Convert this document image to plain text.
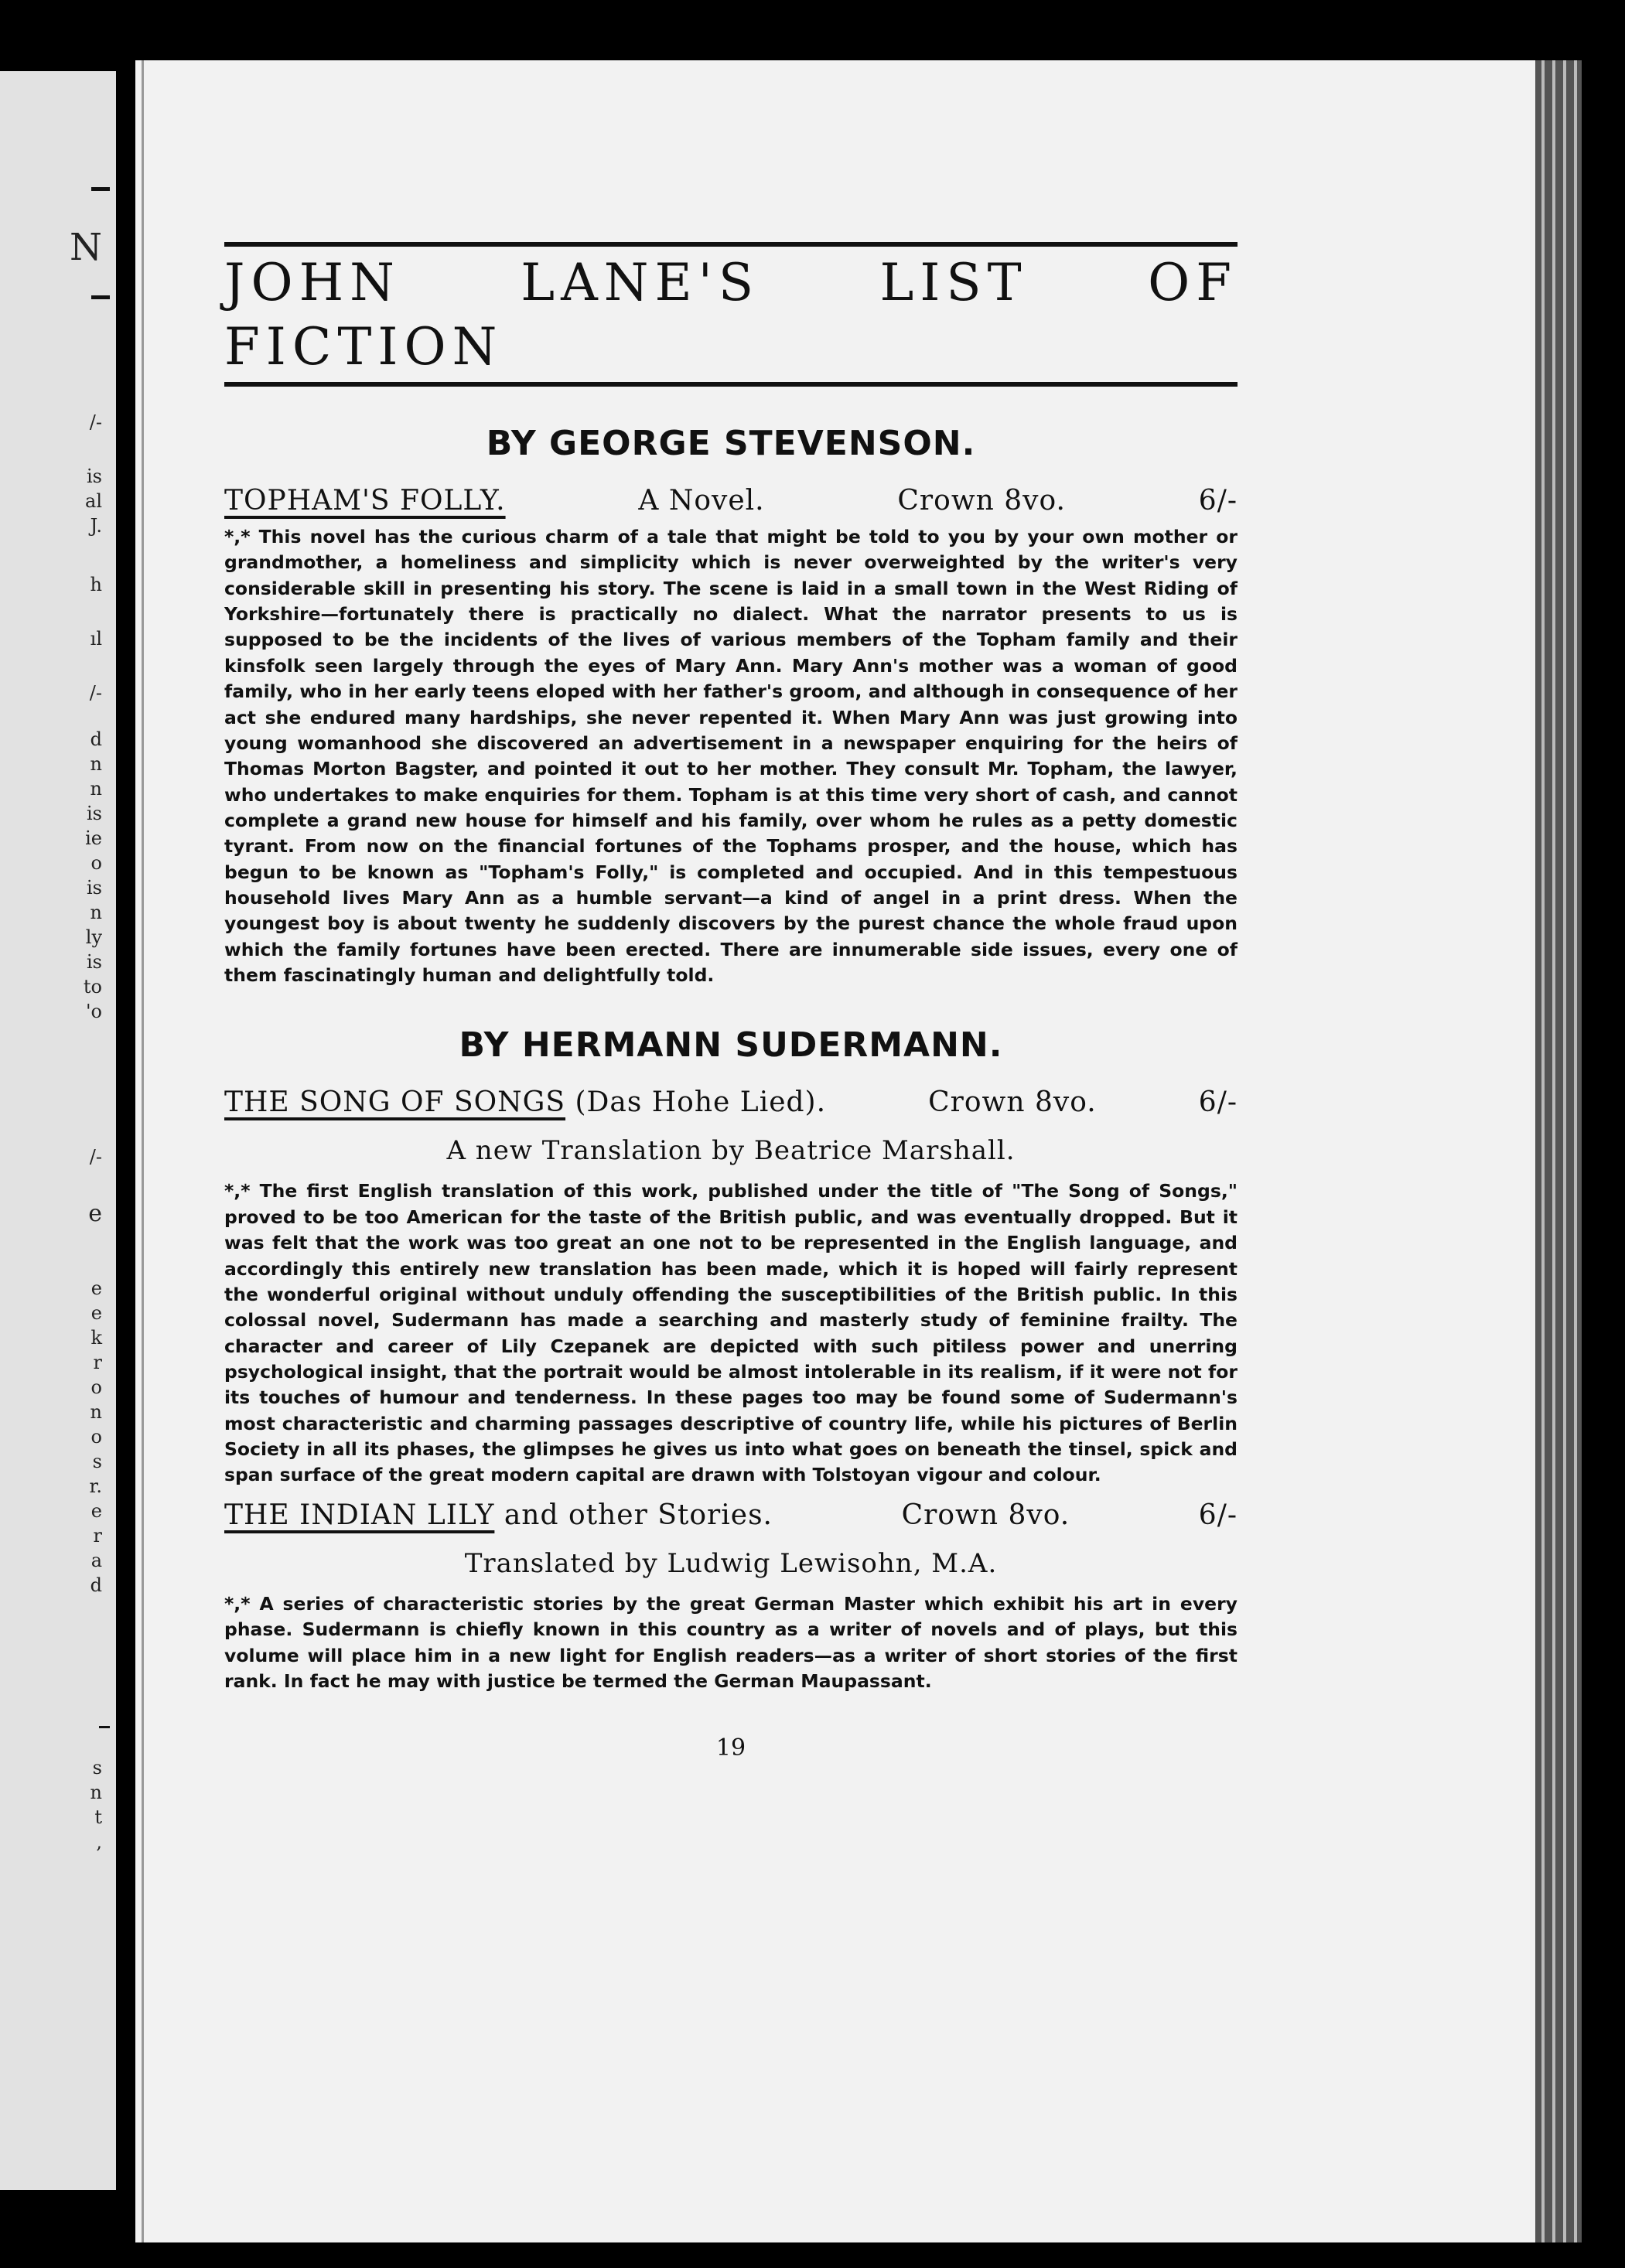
N
/-
is
al
J.
h
ıl
/-
d
n
n
is
ie
o
is
n
ly
is
to
'o
/-
e
e
e
k
r
o
n
o
s
r.
e
r
a
d
s
n
t
,
JOHN LANE'S LIST OF FICTION
BY GEORGE STEVENSON.
TOPHAM'S FOLLY.	A Novel.	Crown 8vo.	6/-

*,* This novel has the curious charm of a tale that might be told to you by your own mother or grandmother, a homeliness and simplicity which is never overweighted by the writer's very considerable skill in presenting his story. The scene is laid in a small town in the West Riding of Yorkshire—fortunately there is practically no dialect. What the narrator presents to us is supposed to be the incidents of the lives of various members of the Topham family and their kinsfolk seen largely through the eyes of Mary Ann. Mary Ann's mother was a woman of good family, who in her early teens eloped with her father's groom, and although in consequence of her act she endured many hardships, she never repented it. When Mary Ann was just growing into young womanhood she discovered an advertisement in a newspaper enquiring for the heirs of Thomas Morton Bagster, and pointed it out to her mother. They consult Mr. Topham, the lawyer, who undertakes to make enquiries for them. Topham is at this time very short of cash, and cannot complete a grand new house for himself and his family, over whom he rules as a petty domestic tyrant. From now on the financial fortunes of the Tophams prosper, and the house, which has begun to be known as "Topham's Folly," is completed and occupied. And in this tempestuous household lives Mary Ann as a humble servant—a kind of angel in a print dress. When the youngest boy is about twenty he suddenly discovers by the purest chance the whole fraud upon which the family fortunes have been erected. There are innumerable side issues, every one of them fascinatingly human and delightfully told.

BY HERMANN SUDERMANN.
THE SONG OF SONGS (Das Hohe Lied).	Crown 8vo.	6/-
A new Translation by Beatrice Marshall.

*,* The first English translation of this work, published under the title of "The Song of Songs," proved to be too American for the taste of the British public, and was eventually dropped. But it was felt that the work was too great an one not to be represented in the English language, and accordingly this entirely new translation has been made, which it is hoped will fairly represent the wonderful original without unduly offending the susceptibilities of the British public. In this colossal novel, Sudermann has made a searching and masterly study of feminine frailty. The character and career of Lily Czepanek are depicted with such pitiless power and unerring psychological insight, that the portrait would be almost intolerable in its realism, if it were not for its touches of humour and tenderness. In these pages too may be found some of Sudermann's most characteristic and charming passages descriptive of country life, while his pictures of Berlin Society in all its phases, the glimpses he gives us into what goes on beneath the tinsel, spick and span surface of the great modern capital are drawn with Tolstoyan vigour and colour.

THE INDIAN LILY and other Stories.	Crown 8vo.	6/-
Translated by Ludwig Lewisohn, M.A.

*,* A series of characteristic stories by the great German Master which exhibit his art in every phase. Sudermann is chiefly known in this country as a writer of novels and of plays, but this volume will place him in a new light for English readers—as a writer of short stories of the first rank. In fact he may with justice be termed the German Maupassant.

19
